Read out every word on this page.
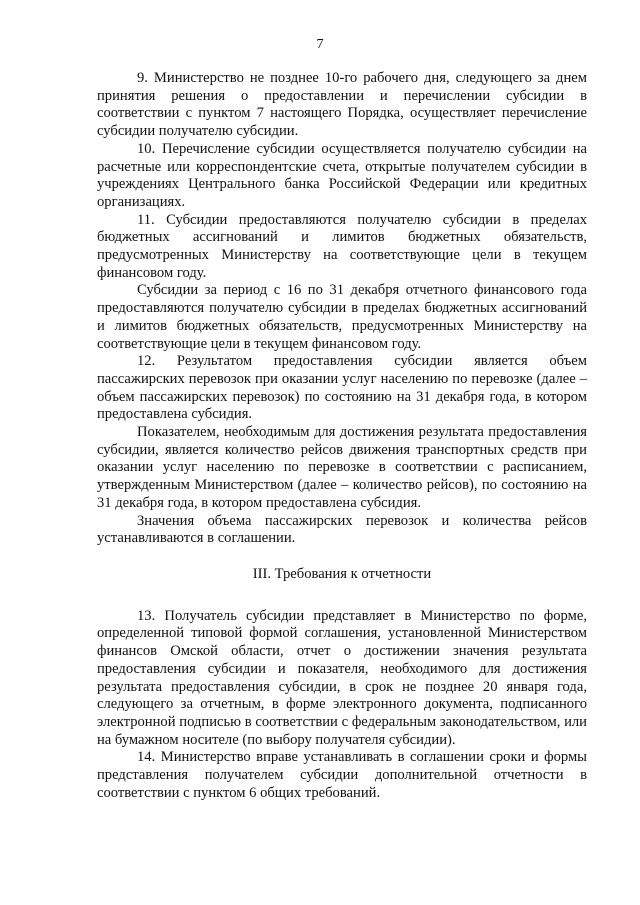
7

9. Министерство не позднее 10-го рабочего дня, следующего за днем принятия решения о предоставлении и перечислении субсидии в соответствии с пунктом 7 настоящего Порядка, осуществляет перечисление субсидии получателю субсидии.

10. Перечисление субсидии осуществляется получателю субсидии на расчетные или корреспондентские счета, открытые получателем субсидии в учреждениях Центрального банка Российской Федерации или кредитных организациях.

11. Субсидии предоставляются получателю субсидии в пределах бюджетных ассигнований и лимитов бюджетных обязательств, предусмотренных Министерству на соответствующие цели в текущем финансовом году.

Субсидии за период с 16 по 31 декабря отчетного финансового года предоставляются получателю субсидии в пределах бюджетных ассигнований и лимитов бюджетных обязательств, предусмотренных Министерству на соответствующие цели в текущем финансовом году.

12. Результатом предоставления субсидии является объем пассажирских перевозок при оказании услуг населению по перевозке (далее – объем пассажирских перевозок) по состоянию на 31 декабря года, в котором предоставлена субсидия.

Показателем, необходимым для достижения результата предоставления субсидии, является количество рейсов движения транспортных средств при оказании услуг населению по перевозке в соответствии с расписанием, утвержденным Министерством (далее – количество рейсов), по состоянию на 31 декабря года, в котором предоставлена субсидия.

Значения объема пассажирских перевозок и количества рейсов устанавливаются в соглашении.

III. Требования к отчетности

13. Получатель субсидии представляет в Министерство по форме, определенной типовой формой соглашения, установленной Министерством финансов Омской области, отчет о достижении значения результата предоставления субсидии и показателя, необходимого для достижения результата предоставления субсидии, в срок не позднее 20 января года, следующего за отчетным, в форме электронного документа, подписанного электронной подписью в соответствии с федеральным законодательством, или на бумажном носителе (по выбору получателя субсидии).

14. Министерство вправе устанавливать в соглашении сроки и формы представления получателем субсидии дополнительной отчетности в соответствии с пунктом 6 общих требований.
